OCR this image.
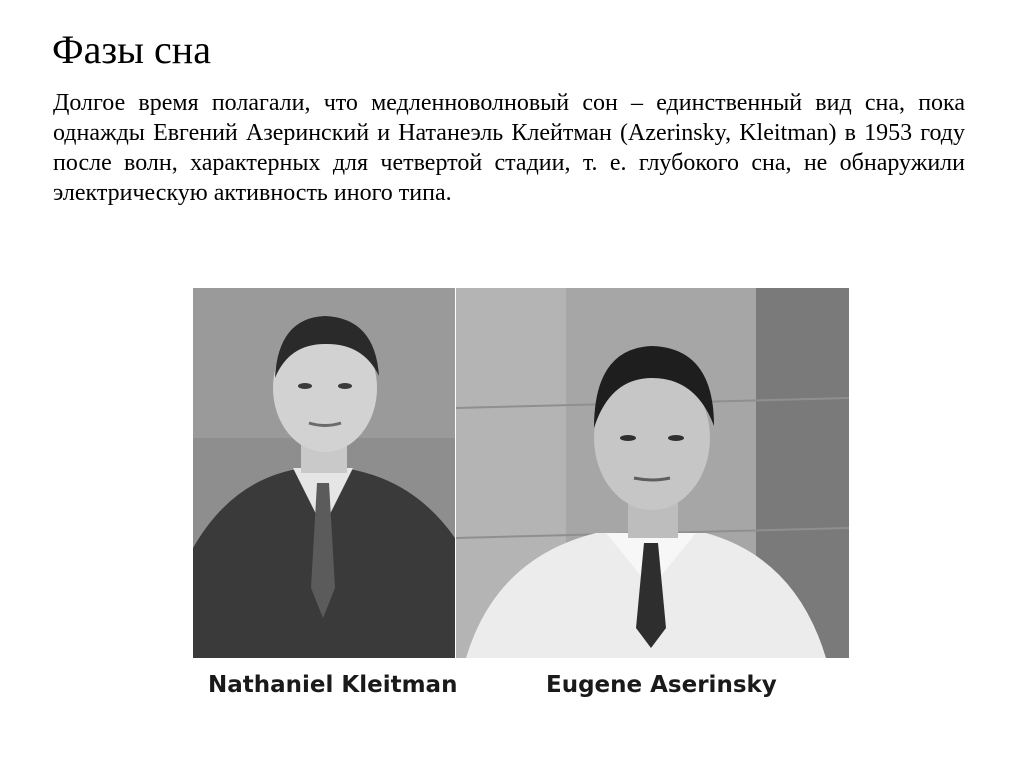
Фазы сна
Долгое время полагали, что медленноволновый сон – единственный вид сна, пока однажды Евгений Азеринский и Натанеэль Клейтман (Azerinsky, Kleitman) в 1953 году после волн, характерных для четвертой стадии, т. е. глубокого сна, не обнаружили электрическую активность иного типа.
Nathaniel Kleitman	Eugene Aserinsky
